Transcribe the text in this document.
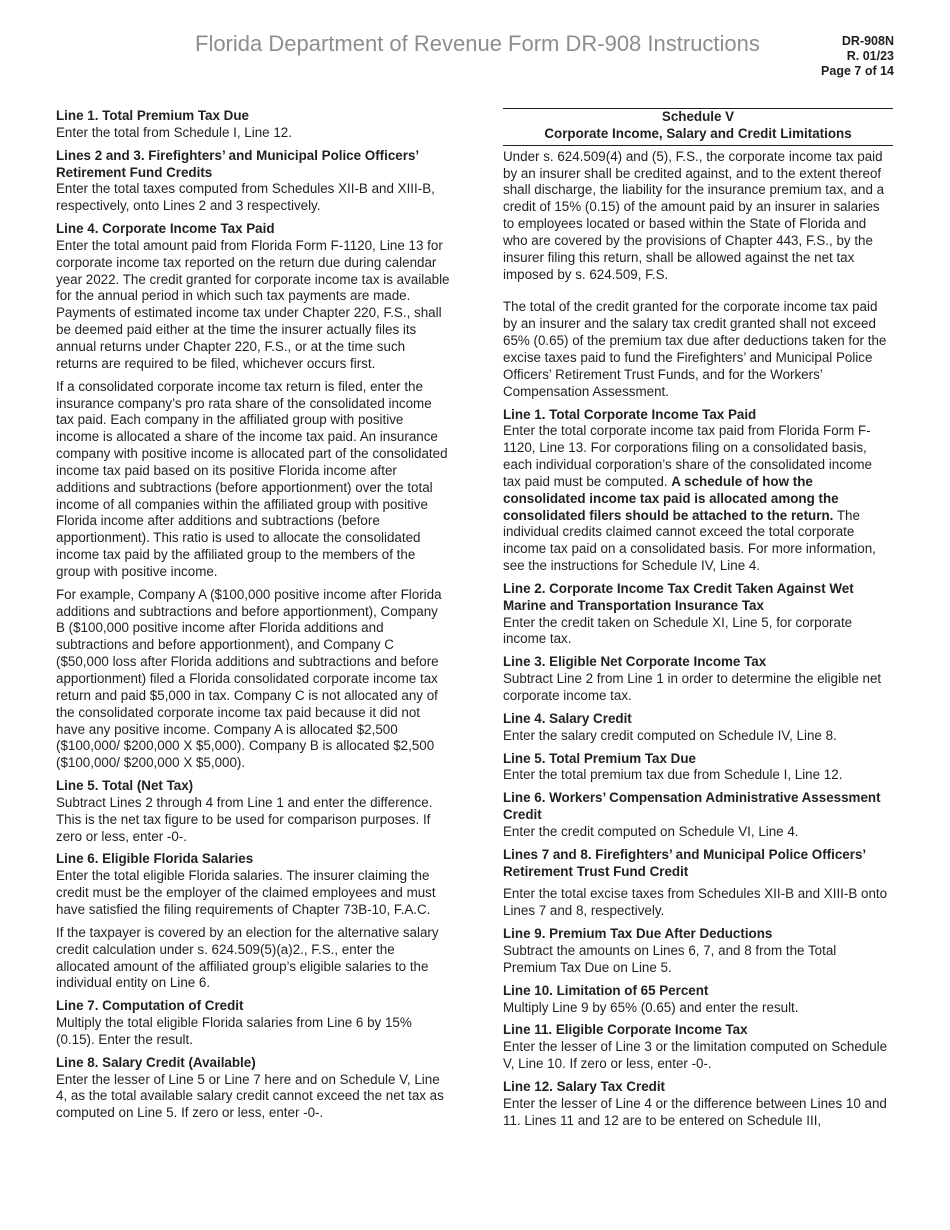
Florida Department of Revenue Form DR-908 Instructions	DR-908N
R. 01/23
Page 7 of 14
Line 1. Total Premium Tax Due

Enter the total from Schedule I, Line 12.

Lines 2 and 3. Firefighters’ and Municipal Police Officers’ Retirement Fund Credits

Enter the total taxes computed from Schedules XII-B and XIII-B, respectively, onto Lines 2 and 3 respectively.

Line 4. Corporate Income Tax Paid

Enter the total amount paid from Florida Form F-1120, Line 13 for corporate income tax reported on the return due during calendar year 2022. The credit granted for corporate income tax is available for the annual period in which such tax payments are made. Payments of estimated income tax under Chapter 220, F.S., shall be deemed paid either at the time the insurer actually files its annual returns under Chapter 220, F.S., or at the time such returns are required to be filed, whichever occurs first.

If a consolidated corporate income tax return is filed, enter the insurance company’s pro rata share of the consolidated income tax paid. Each company in the affiliated group with positive income is allocated a share of the income tax paid. An insurance company with positive income is allocated part of the consolidated income tax paid based on its positive Florida income after additions and subtractions (before apportionment) over the total income of all companies within the affiliated group with positive Florida income after additions and subtractions (before apportionment). This ratio is used to allocate the consolidated income tax paid by the affiliated group to the members of the group with positive income.

For example, Company A ($100,000 positive income after Florida additions and subtractions and before apportionment), Company B ($100,000 positive income after Florida additions and subtractions and before apportionment), and Company C ($50,000 loss after Florida additions and subtractions and before apportionment) filed a Florida consolidated corporate income tax return and paid $5,000 in tax. Company C is not allocated any of the consolidated corporate income tax paid because it did not have any positive income. Company A is allocated $2,500 ($100,000/ $200,000 X $5,000). Company B is allocated $2,500 ($100,000/ $200,000 X $5,000).

Line 5. Total (Net Tax)

Subtract Lines 2 through 4 from Line 1 and enter the difference. This is the net tax figure to be used for comparison purposes. If zero or less, enter -0-.

Line 6. Eligible Florida Salaries

Enter the total eligible Florida salaries. The insurer claiming the credit must be the employer of the claimed employees and must have satisfied the filing requirements of Chapter 73B-10, F.A.C.

If the taxpayer is covered by an election for the alternative salary credit calculation under s. 624.509(5)(a)2., F.S., enter the allocated amount of the affiliated group’s eligible salaries to the individual entity on Line 6.

Line 7. Computation of Credit

Multiply the total eligible Florida salaries from Line 6 by 15% (0.15). Enter the result.

Line 8. Salary Credit (Available)

Enter the lesser of Line 5 or Line 7 here and on Schedule V, Line 4, as the total available salary credit cannot exceed the net tax as computed on Line 5. If zero or less, enter -0-.

Schedule V
Corporate Income, Salary and Credit Limitations

Under s. 624.509(4) and (5), F.S., the corporate income tax paid by an insurer shall be credited against, and to the extent thereof shall discharge, the liability for the insurance premium tax, and a credit of 15% (0.15) of the amount paid by an insurer in salaries to employees located or based within the State of Florida and who are covered by the provisions of Chapter 443, F.S., by the insurer filing this return, shall be allowed against the net tax imposed by s. 624.509, F.S.

The total of the credit granted for the corporate income tax paid by an insurer and the salary tax credit granted shall not exceed 65% (0.65) of the premium tax due after deductions taken for the excise taxes paid to fund the Firefighters’ and Municipal Police Officers’ Retirement Trust Funds, and for the Workers’ Compensation Assessment.

Line 1. Total Corporate Income Tax Paid

Enter the total corporate income tax paid from Florida Form F-1120, Line 13. For corporations filing on a consolidated basis, each individual corporation’s share of the consolidated income tax paid must be computed. A schedule of how the consolidated income tax paid is allocated among the consolidated filers should be attached to the return. The individual credits claimed cannot exceed the total corporate income tax paid on a consolidated basis. For more information, see the instructions for Schedule IV, Line 4.

Line 2. Corporate Income Tax Credit Taken Against Wet Marine and Transportation Insurance Tax

Enter the credit taken on Schedule XI, Line 5, for corporate income tax.

Line 3. Eligible Net Corporate Income Tax

Subtract Line 2 from Line 1 in order to determine the eligible net corporate income tax.

Line 4. Salary Credit

Enter the salary credit computed on Schedule IV, Line 8.

Line 5. Total Premium Tax Due

Enter the total premium tax due from Schedule I, Line 12.

Line 6. Workers’ Compensation Administrative Assessment Credit

Enter the credit computed on Schedule VI, Line 4.

Lines 7 and 8. Firefighters’ and Municipal Police Officers’ Retirement Trust Fund Credit

Enter the total excise taxes from Schedules XII-B and XIII-B onto Lines 7 and 8, respectively.

Line 9. Premium Tax Due After Deductions

Subtract the amounts on Lines 6, 7, and 8 from the Total Premium Tax Due on Line 5.

Line 10. Limitation of 65 Percent

Multiply Line 9 by 65% (0.65) and enter the result.

Line 11. Eligible Corporate Income Tax

Enter the lesser of Line 3 or the limitation computed on Schedule V, Line 10. If zero or less, enter -0-.

Line 12. Salary Tax Credit

Enter the lesser of Line 4 or the difference between Lines 10 and 11. Lines 11 and 12 are to be entered on Schedule III,
